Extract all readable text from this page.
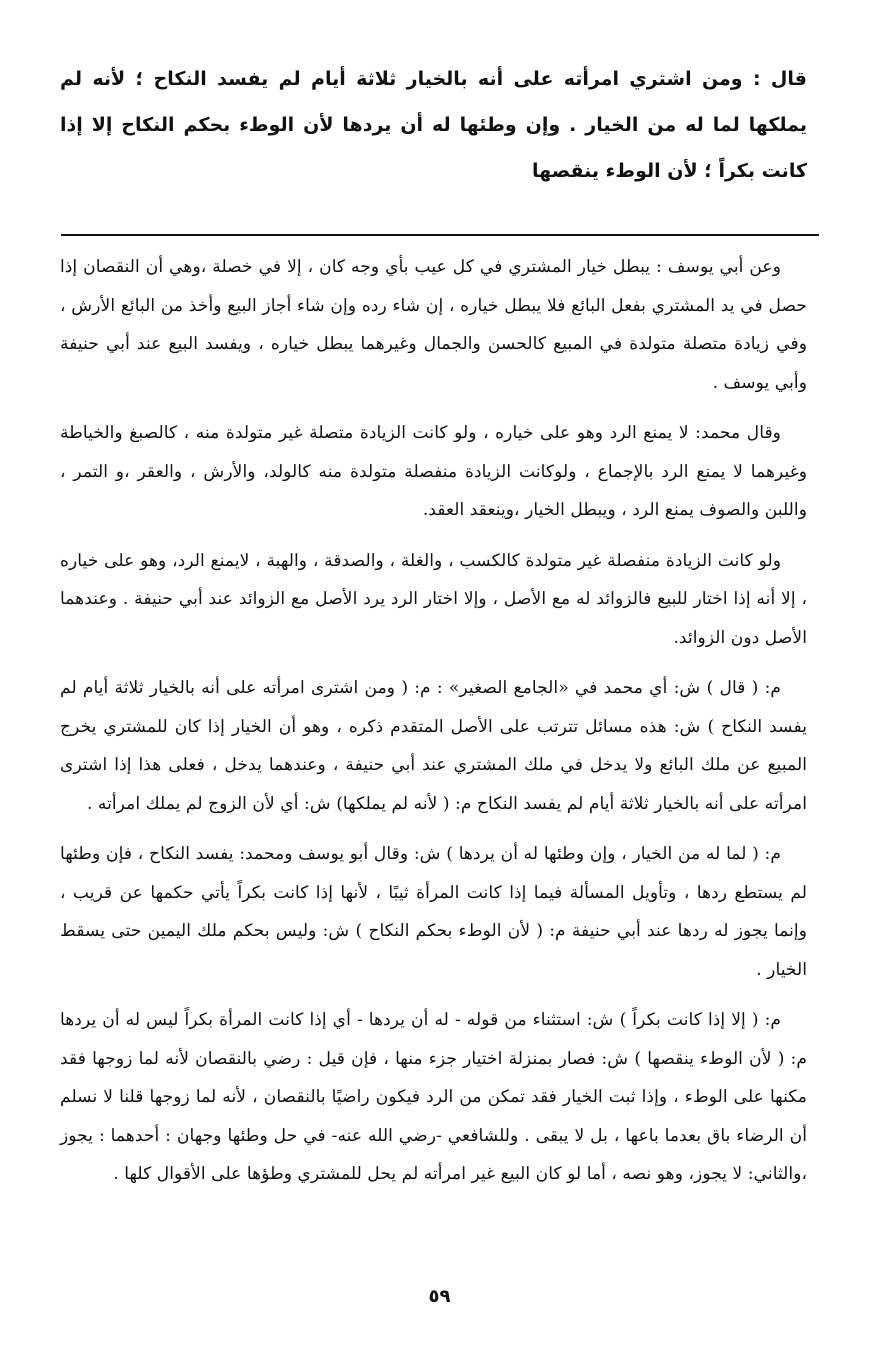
قال : ومن اشتري امرأته على أنه بالخيار ثلاثة أيام لم يفسد النكاح ؛ لأنه لم يملكها لما له من الخيار . وإن وطئها له أن يردها لأن الوطء بحكم النكاح إلا إذا كانت بكراً ؛ لأن الوطء ينقصها

وعن أبي يوسف : يبطل خيار المشتري في كل عيب بأي وجه كان ، إلا في خصلة ،وهي أن النقصان إذا حصل في يد المشتري بفعل البائع فلا يبطل خياره ، إن شاء رده وإن شاء أجاز البيع وأخذ من البائع الأرش ، وفي زيادة متصلة متولدة في المبيع كالحسن والجمال وغيرهما يبطل خياره ، ويفسد البيع عند أبي حنيفة وأبي يوسف .

وقال محمد: لا يمنع الرد وهو على خياره ، ولو كانت الزيادة متصلة غير متولدة منه ، كالصبغ والخياطة وغيرهما لا يمنع الرد بالإجماع ، ولوكانت الزيادة منفصلة متولدة منه كالولد، والأرش ، والعقر ،و التمر ، واللبن والصوف يمنع الرد ، ويبطل الخيار ،وينعقد العقد.

ولو كانت الزيادة منفصلة غير متولدة كالكسب ، والغلة ، والصدقة ، والهبة ، لايمنع الرد، وهو على خياره ، إلا أنه إذا اختار للبيع فالزوائد له مع الأصل ، وإلا اختار الرد يرد الأصل مع الزوائد عند أبي حنيفة . وعندهما الأصل دون الزوائد.

م: ( قال ) ش: أي محمد في «الجامع الصغير» : م: ( ومن اشترى امرأته على أنه بالخيار ثلاثة أيام لم يفسد النكاح ) ش: هذه مسائل تترتب على الأصل المتقدم ذكره ، وهو أن الخيار إذا كان للمشتري يخرج المبيع عن ملك البائع ولا يدخل في ملك المشتري عند أبي حنيفة ، وعندهما يدخل ، فعلى هذا إذا اشترى امرأته على أنه بالخيار ثلاثة أيام لم يفسد النكاح م: ( لأنه لم يملكها) ش: أي لأن الزوج لم يملك امرأته .

م: ( لما له من الخيار ، وإن وطئها له أن يردها ) ش: وقال أبو يوسف ومحمد: يفسد النكاح ، فإن وطئها لم يستطع ردها ، وتأويل المسألة فيما إذا كانت المرأة ثيبًا ، لأنها إذا كانت بكراً يأتي حكمها عن قريب ، وإنما يجوز له ردها عند أبي حنيفة م: ( لأن الوطء بحكم النكاح ) ش: وليس بحكم ملك اليمين حتى يسقط الخيار .

م: ( إلا إذا كانت بكراً ) ش: استثناء من قوله - له أن يردها - أي إذا كانت المرأة بكراً ليس له أن يردها م: ( لأن الوطء ينقصها ) ش: فصار بمنزلة اختيار جزء منها ، فإن قيل : رضي بالنقصان لأنه لما زوجها فقد مكنها على الوطء ، وإذا ثبت الخيار فقد تمكن من الرد فيكون راضيًا بالنقصان ، لأنه لما زوجها قلنا لا نسلم أن الرضاء باق بعدما باعها ، بل لا يبقى . وللشافعي -رضي الله عنه- في حل وطئها وجهان : أحدهما : يجوز ،والثاني: لا يجوز، وهو نصه ، أما لو كان البيع غير امرأته لم يحل للمشتري وطؤها على الأقوال كلها .

٥٩
